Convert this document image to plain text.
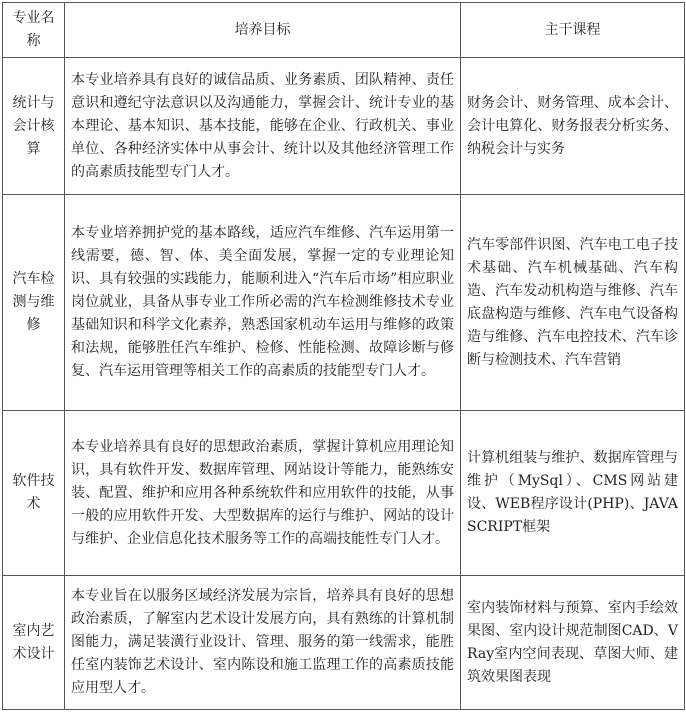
专业名称	培养目标	主干课程
统计与会计核算	本专业培养具有良好的诚信品质、业务素质、团队精神、责任意识和遵纪守法意识以及沟通能力，掌握会计、统计专业的基本理论、基本知识、基本技能，能够在企业、行政机关、事业单位、各种经济实体中从事会计、统计以及其他经济管理工作的高素质技能型专门人才。	财务会计、财务管理、成本会计、会计电算化、财务报表分析实务、纳税会计与实务
汽车检测与维修	本专业培养拥护党的基本路线，适应汽车维修、汽车运用第一线需要，德、智、体、美全面发展，掌握一定的专业理论知识、具有较强的实践能力，能顺利进入“汽车后市场”相应职业岗位就业，具备从事专业工作所必需的汽车检测维修技术专业基础知识和科学文化素养，熟悉国家机动车运用与维修的政策和法规，能够胜任汽车维护、检修、性能检测、故障诊断与修复、汽车运用管理等相关工作的高素质的技能型专门人才。	汽车零部件识图、汽车电工电子技术基础、汽车机械基础、汽车构造、汽车发动机构造与维修、汽车底盘构造与维修、汽车电气设备构造与维修、汽车电控技术、汽车诊断与检测技术、汽车营销
软件技术	本专业培养具有良好的思想政治素质，掌握计算机应用理论知识，具有软件开发、数据库管理、网站设计等能力，能熟练安装、配置、维护和应用各种系统软件和应用软件的技能，从事一般的应用软件开发、大型数据库的运行与维护、网站的设计与维护、企业信息化技术服务等工作的高端技能性专门人才。	计算机组装与维护、数据库管理与维护（MySql）、CMS网站建设、WEB程序设计(PHP)、JAVA SCRIPT框架
室内艺术设计	本专业旨在以服务区域经济发展为宗旨，培养具有良好的思想政治素质，了解室内艺术设计发展方向，具有熟练的计算机制图能力，满足装潢行业设计、管理、服务的第一线需求，能胜任室内装饰艺术设计、室内陈设和施工监理工作的高素质技能应用型人才。	室内装饰材料与预算、室内手绘效果图、室内设计规范制图CAD、VRay室内空间表现、草图大师、建筑效果图表现
